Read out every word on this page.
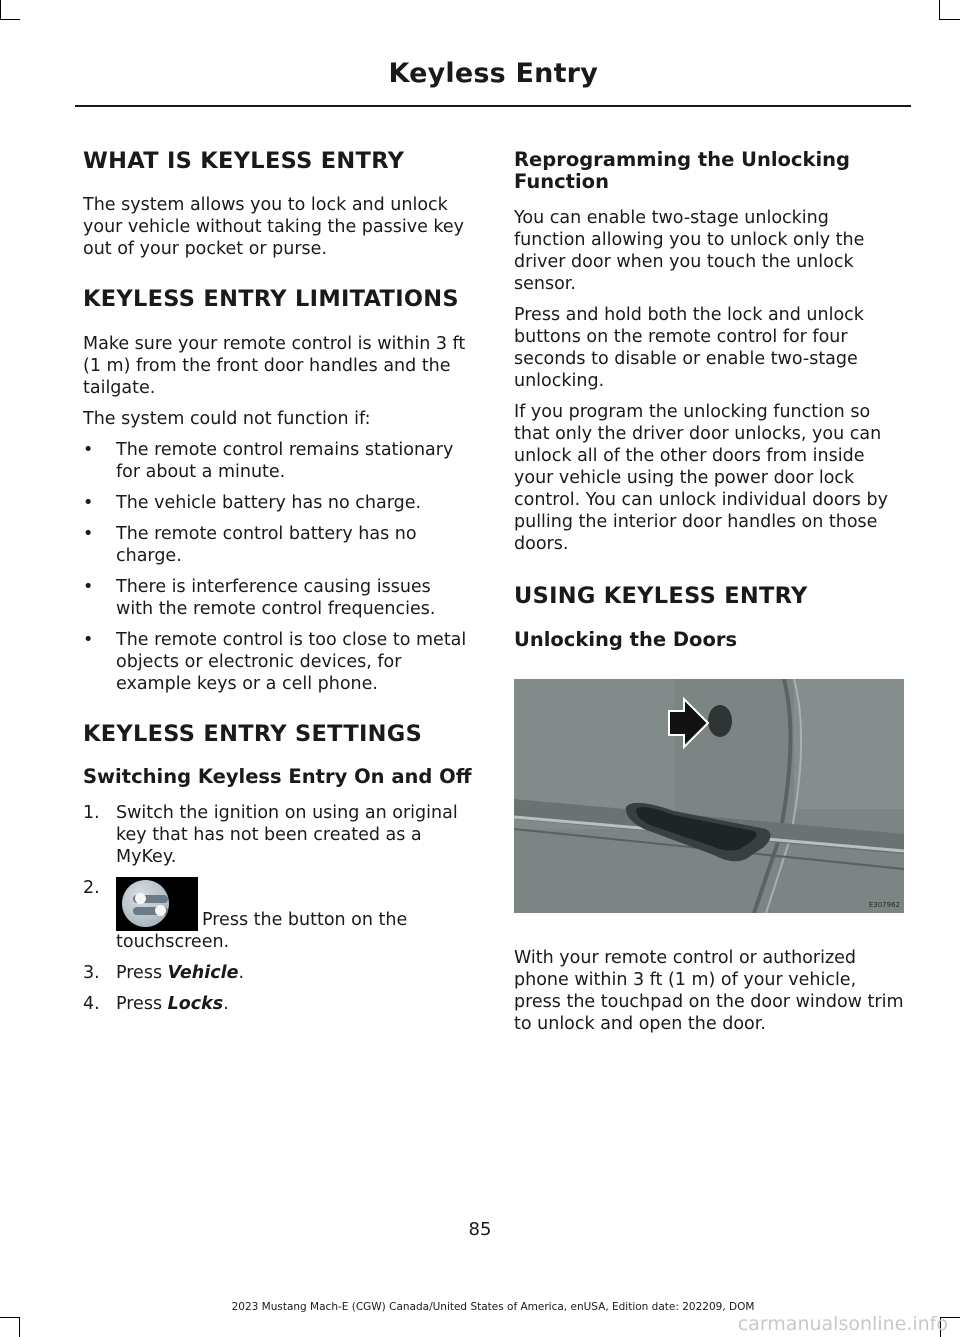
Keyless Entry
WHAT IS KEYLESS ENTRY

The system allows you to lock and unlock your vehicle without taking the passive key out of your pocket or purse.

KEYLESS ENTRY LIMITATIONS

Make sure your remote control is within 3 ft (1 m) from the front door handles and the tailgate.

The system could not function if:

• The remote control remains stationary for about a minute.
• The vehicle battery has no charge.
• The remote control battery has no charge.
• There is interference causing issues with the remote control frequencies.
• The remote control is too close to metal objects or electronic devices, for example keys or a cell phone.
KEYLESS ENTRY SETTINGS
Switching Keyless Entry On and Off
1. Switch the ignition on using an original key that has not been created as a MyKey.
2.
Press the button on the touchscreen.
3. Press Vehicle.
4. Press Locks.
Reprogramming the Unlocking Function

You can enable two-stage unlocking function allowing you to unlock only the driver door when you touch the unlock sensor.

Press and hold both the lock and unlock buttons on the remote control for four seconds to disable or enable two-stage unlocking.

If you program the unlocking function so that only the driver door unlocks, you can unlock all of the other doors from inside your vehicle using the power door lock control. You can unlock individual doors by pulling the interior door handles on those doors.

USING KEYLESS ENTRY
Unlocking the Doors
E307962

With your remote control or authorized phone within 3 ft (1 m) of your vehicle, press the touchpad on the door window trim to unlock and open the door.

85
2023 Mustang Mach-E (CGW) Canada/United States of America, enUSA, Edition date: 202209, DOM
carmanualsonline.info
